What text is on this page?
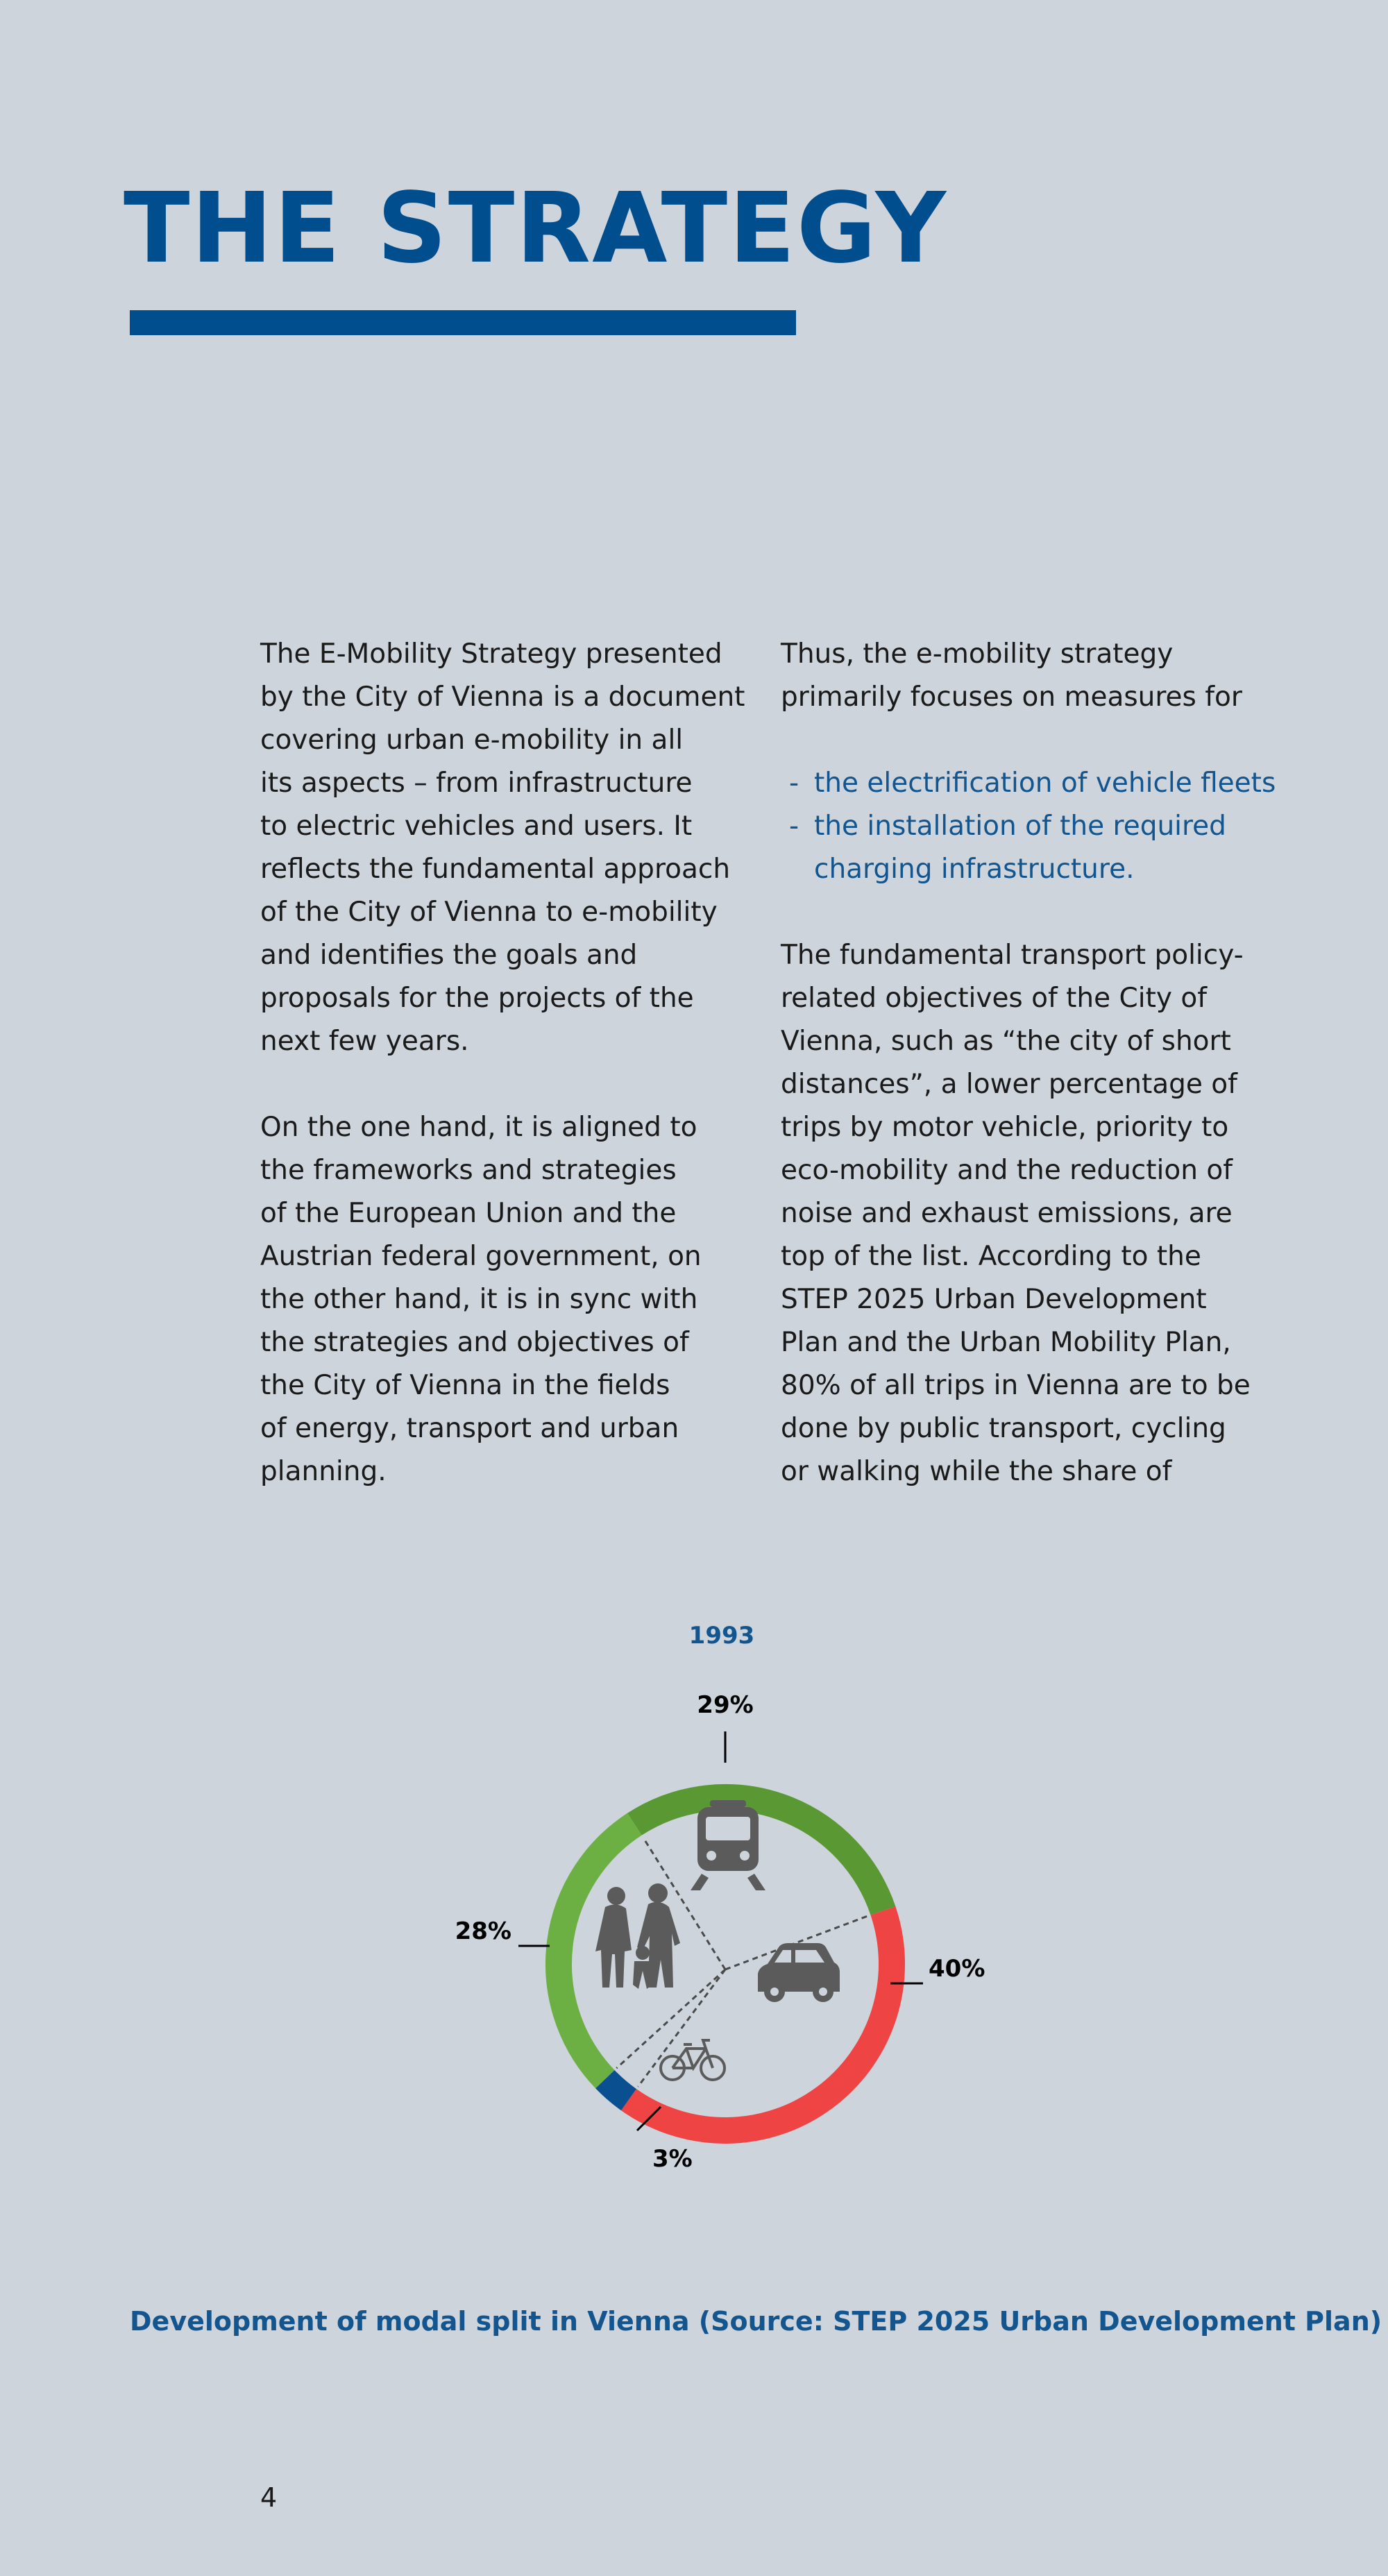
THE STRATEGY

The E-Mobility Strategy presented
by the City of Vienna is a document
covering urban e-mobility in all
its aspects – from infrastructure
to electric vehicles and users. It
reflects the fundamental approach
of the City of Vienna to e-mobility
and identifies the goals and
proposals for the projects of the
next few years.

On the one hand, it is aligned to
the frameworks and strategies
of the European Union and the
Austrian federal government, on
the other hand, it is in sync with
the strategies and objectives of
the City of Vienna in the fields
of energy, transport and urban
planning.

Thus, the e-mobility strategy
primarily focuses on measures for

- the electrification of vehicle fleets
- the installation of the required
charging infrastructure.

The fundamental transport policy-
related objectives of the City of
Vienna, such as “the city of short
distances”, a lower percentage of
trips by motor vehicle, priority to
eco-mobility and the reduction of
noise and exhaust emissions, are
top of the list. According to the
STEP 2025 Urban Development
Plan and the Urban Mobility Plan,
80% of all trips in Vienna are to be
done by public transport, cycling
or walking while the share of

1993
29%
40%
3%
28%
Development of modal split in Vienna (Source: STEP 2025 Urban Development Plan)
4
